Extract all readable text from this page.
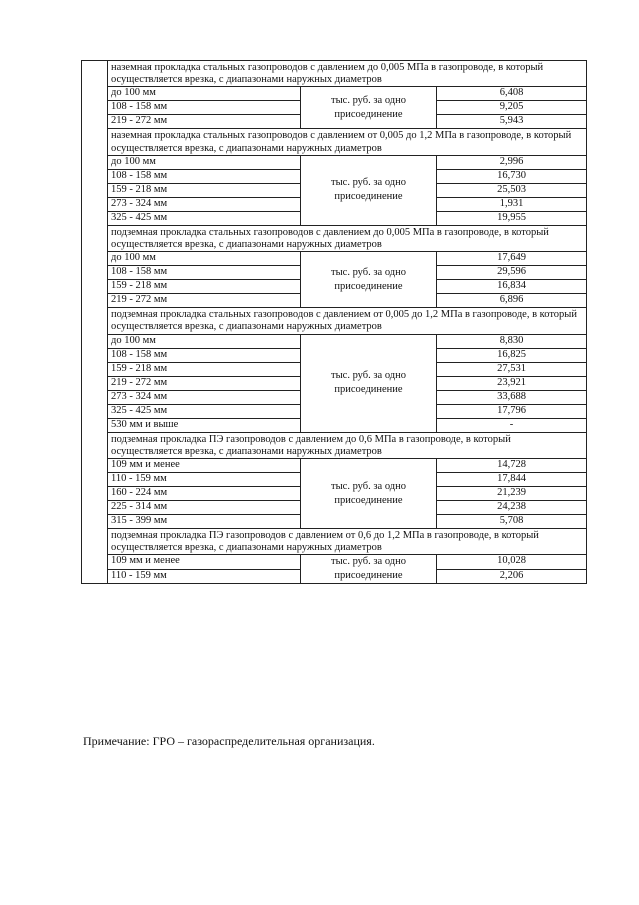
	наземная прокладка стальных газопроводов с давлением до 0,005 МПа в газопроводе, в который осуществляется врезка, с диапазонами наружных диаметров		
	до 100 мм	тыс. руб. за одно присоединение	6,408
	108 - 158 мм		9,205
	219 - 272 мм		5,943
	наземная прокладка стальных газопроводов с давлением от 0,005 до 1,2 МПа в газопроводе, в который осуществляется врезка, с диапазонами наружных диаметров		
	до 100 мм	тыс. руб. за одно присоединение	2,996
	108 - 158 мм		16,730
	159 - 218 мм		25,503
	273 - 324 мм		1,931
	325 - 425 мм		19,955
	подземная прокладка стальных газопроводов с давлением до 0,005 МПа в газопроводе, в который осуществляется врезка, с диапазонами наружных диаметров		
	до 100 мм	тыс. руб. за одно присоединение	17,649
	108 - 158 мм		29,596
	159 - 218 мм		16,834
	219 - 272 мм		6,896
	подземная прокладка стальных газопроводов с давлением от 0,005 до 1,2 МПа в газопроводе, в который осуществляется врезка, с диапазонами наружных диаметров		
	до 100 мм	тыс. руб. за одно присоединение	8,830
	108 - 158 мм		16,825
	159 - 218 мм		27,531
	219 - 272 мм		23,921
	273 - 324 мм		33,688
	325 - 425 мм		17,796
	530 мм и выше		-
	подземная прокладка ПЭ газопроводов с давлением до 0,6 МПа в газопроводе, в который осуществляется врезка, с диапазонами наружных диаметров		
	109 мм и менее	тыс. руб. за одно присоединение	14,728
	110 - 159 мм		17,844
	160 - 224 мм		21,239
	225 - 314 мм		24,238
	315 - 399 мм		5,708
	подземная прокладка ПЭ газопроводов с давлением от 0,6 до 1,2 МПа в газопроводе, в который осуществляется врезка, с диапазонами наружных диаметров		
	109 мм и менее	тыс. руб. за одно присоединение	10,028
	110 - 159 мм		2,206
Примечание: ГРО – газораспределительная организация.
